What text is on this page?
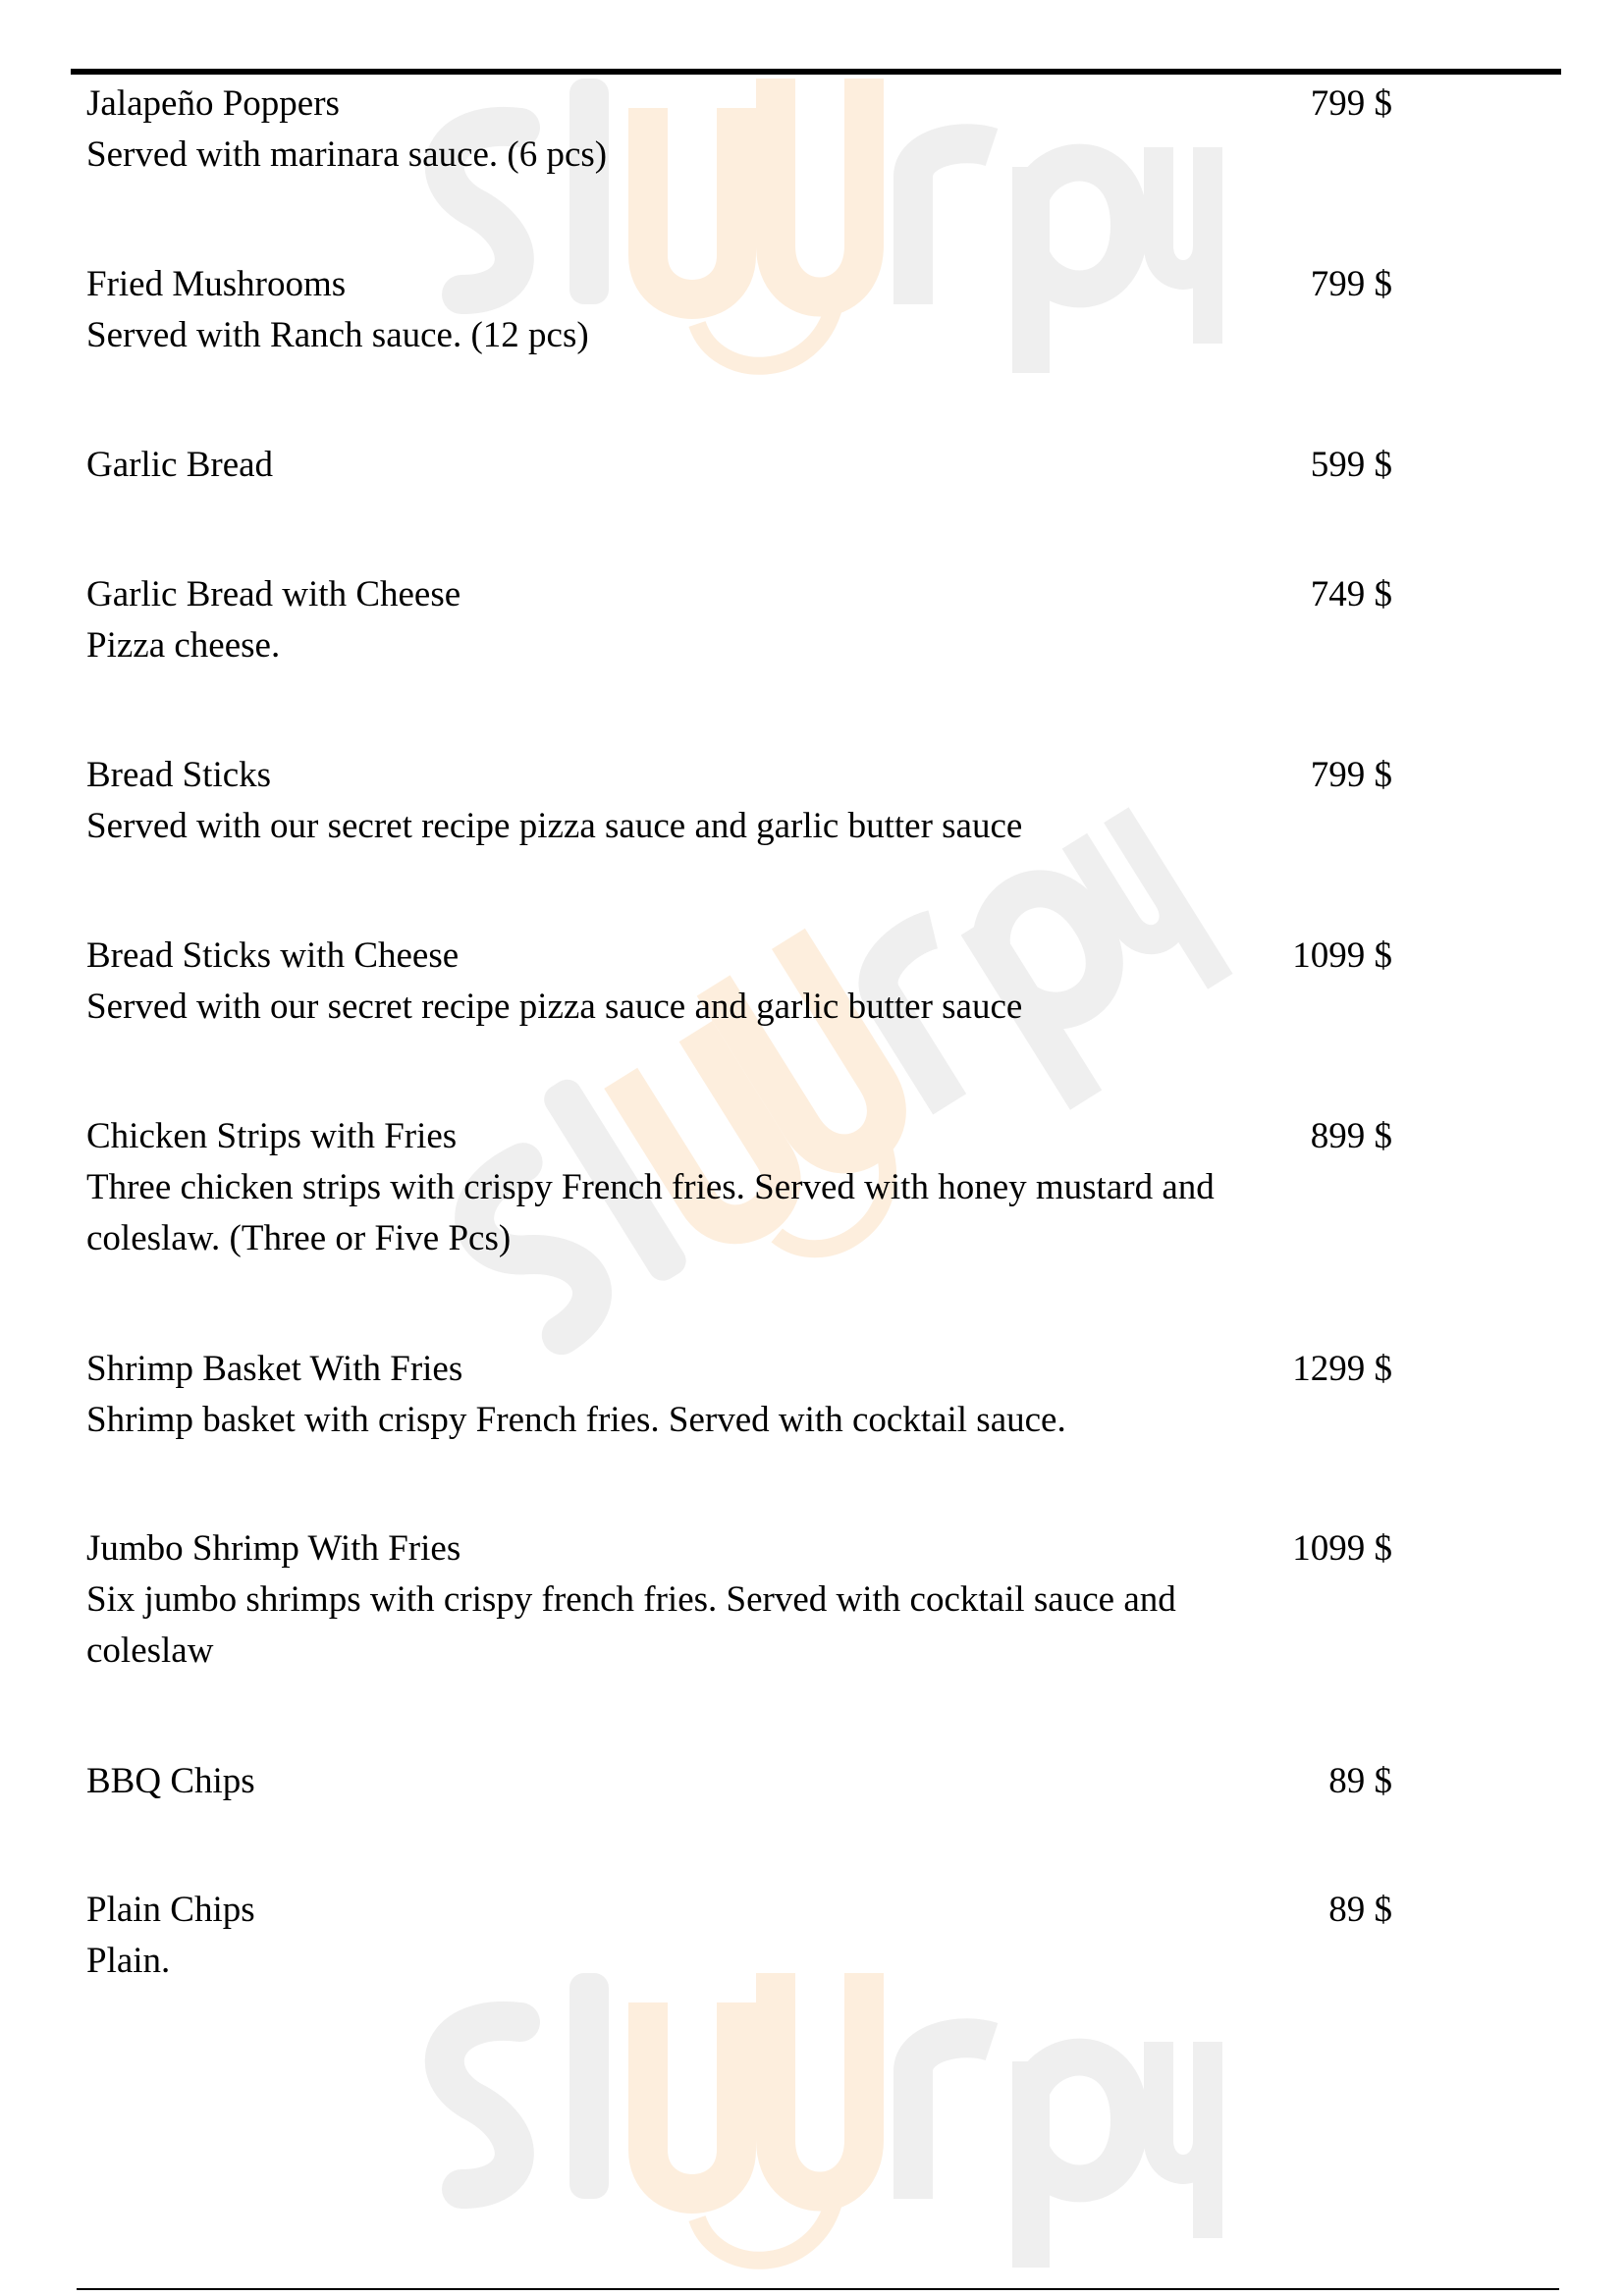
Jalapeño Poppers
Served with marinara sauce. (6 pcs)
799 $
Fried Mushrooms
Served with Ranch sauce. (12 pcs)
799 $
Garlic Bread	599 $
Garlic Bread with Cheese
Pizza cheese.
749 $
Bread Sticks
Served with our secret recipe pizza sauce and garlic butter sauce
799 $
Bread Sticks with Cheese
Served with our secret recipe pizza sauce and garlic butter sauce
1099 $
Chicken Strips with Fries
Three chicken strips with crispy French fries. Served with honey mustard and coleslaw. (Three or Five Pcs)
899 $
Shrimp Basket With Fries
Shrimp basket with crispy French fries. Served with cocktail sauce.
1299 $
Jumbo Shrimp With Fries
Six jumbo shrimps with crispy french fries. Served with cocktail sauce and coleslaw
1099 $
BBQ Chips	89 $
Plain Chips
Plain.
89 $
